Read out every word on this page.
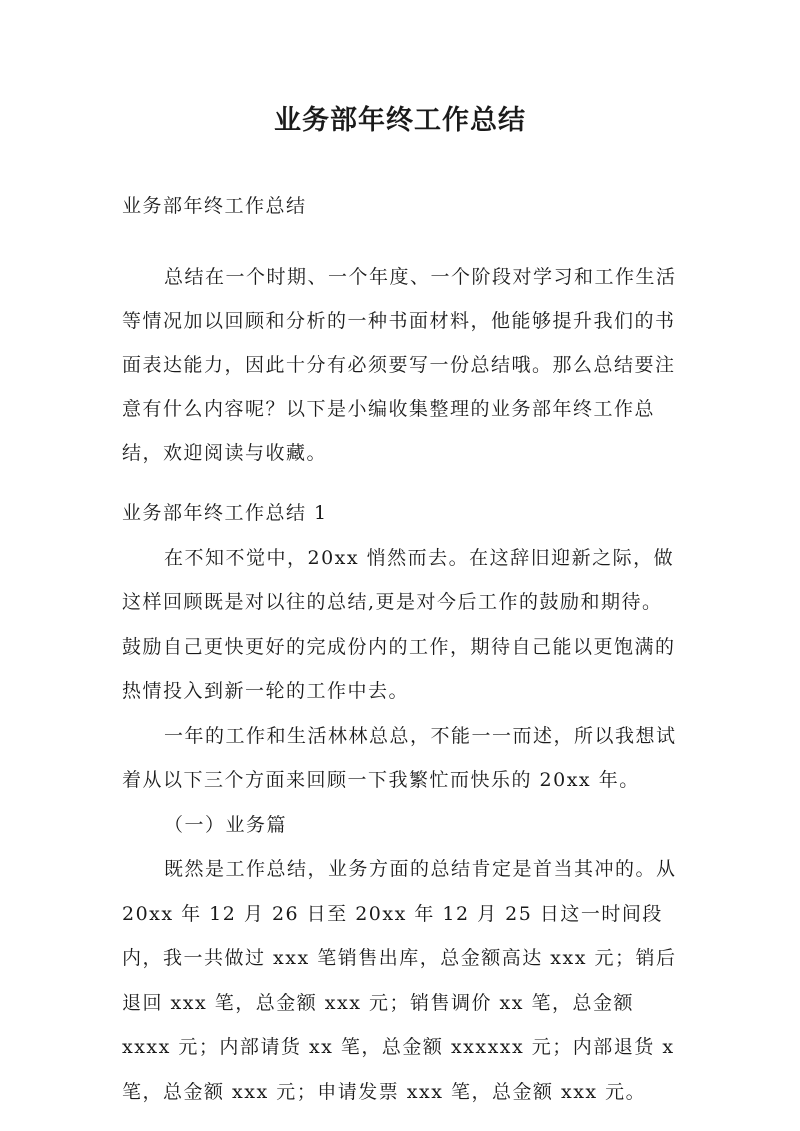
业务部年终工作总结

业务部年终工作总结

总结在一个时期、一个年度、一个阶段对学习和工作生活等情况加以回顾和分析的一种书面材料，他能够提升我们的书面表达能力，因此十分有必须要写一份总结哦。那么总结要注意有什么内容呢？以下是小编收集整理的业务部年终工作总结，欢迎阅读与收藏。

业务部年终工作总结 1

在不知不觉中，20xx 悄然而去。在这辞旧迎新之际，做这样回顾既是对以往的总结,更是对今后工作的鼓励和期待。鼓励自己更快更好的完成份内的工作，期待自己能以更饱满的热情投入到新一轮的工作中去。

一年的工作和生活林林总总，不能一一而述，所以我想试着从以下三个方面来回顾一下我繁忙而快乐的 20xx 年。

（一）业务篇

既然是工作总结，业务方面的总结肯定是首当其冲的。从 20xx 年 12 月 26 日至 20xx 年 12 月 25 日这一时间段内，我一共做过 xxx 笔销售出库，总金额高达 xxx 元；销后退回 xxx 笔，总金额 xxx 元；销售调价 xx 笔，总金额 xxxx 元；内部请货 xx 笔，总金额 xxxxxx 元；内部退货 x 笔，总金额 xxx 元；申请发票 xxx 笔，总金额 xxx 元。
